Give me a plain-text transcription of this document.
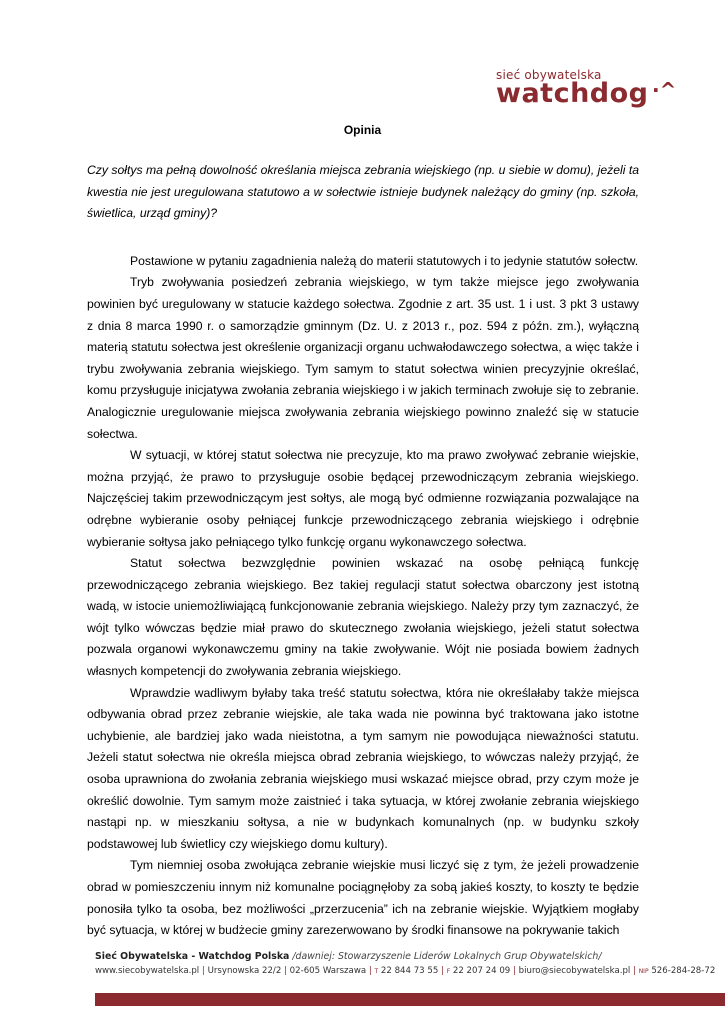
sieć obywatelska
watchdog ·^
Opinia

Czy sołtys ma pełną dowolność określania miejsca zebrania wiejskiego (np. u siebie w domu), jeżeli ta kwestia nie jest uregulowana statutowo a w sołectwie istnieje budynek należący do gminy (np. szkoła, świetlica, urząd gminy)?

Postawione w pytaniu zagadnienia należą do materii statutowych i to jedynie statutów sołectw.

Tryb zwoływania posiedzeń zebrania wiejskiego, w tym także miejsce jego zwoływania powinien być uregulowany w statucie każdego sołectwa. Zgodnie z art. 35 ust. 1 i ust. 3 pkt 3 ustawy z dnia 8 marca 1990 r. o samorządzie gminnym (Dz. U. z 2013 r., poz. 594 z późn. zm.), wyłączną materią statutu sołectwa jest określenie organizacji organu uchwałodawczego sołectwa, a więc także i trybu zwoływania zebrania wiejskiego. Tym samym to statut sołectwa winien precyzyjnie określać, komu przysługuje inicjatywa zwołania zebrania wiejskiego i w jakich terminach zwołuje się to zebranie. Analogicznie uregulowanie miejsca zwoływania zebrania wiejskiego powinno znaleźć się w statucie sołectwa.

W sytuacji, w której statut sołectwa nie precyzuje, kto ma prawo zwoływać zebranie wiejskie, można przyjąć, że prawo to przysługuje osobie będącej przewodniczącym zebrania wiejskiego. Najczęściej takim przewodniczącym jest sołtys, ale mogą być odmienne rozwiązania pozwalające na odrębne wybieranie osoby pełniącej funkcje przewodniczącego zebrania wiejskiego i odrębnie wybieranie sołtysa jako pełniącego tylko funkcję organu wykonawczego sołectwa.

Statut sołectwa bezwzględnie powinien wskazać na osobę pełniącą funkcję przewodniczącego zebrania wiejskiego. Bez takiej regulacji statut sołectwa obarczony jest istotną wadą, w istocie uniemożliwiającą funkcjonowanie zebrania wiejskiego. Należy przy tym zaznaczyć, że wójt tylko wówczas będzie miał prawo do skutecznego zwołania wiejskiego, jeżeli statut sołectwa pozwala organowi wykonawczemu gminy na takie zwoływanie. Wójt nie posiada bowiem żadnych własnych kompetencji do zwoływania zebrania wiejskiego.

Wprawdzie wadliwym byłaby taka treść statutu sołectwa, która nie określałaby także miejsca odbywania obrad przez zebranie wiejskie, ale taka wada nie powinna być traktowana jako istotne uchybienie, ale bardziej jako wada nieistotna, a tym samym nie powodująca nieważności statutu. Jeżeli statut sołectwa nie określa miejsca obrad zebrania wiejskiego, to wówczas należy przyjąć, że osoba uprawniona do zwołania zebrania wiejskiego musi wskazać miejsce obrad, przy czym może je określić dowolnie. Tym samym może zaistnieć i taka sytuacja, w której zwołanie zebrania wiejskiego nastąpi np. w mieszkaniu sołtysa, a nie w budynkach komunalnych (np. w budynku szkoły podstawowej lub świetlicy czy wiejskiego domu kultury).

Tym niemniej osoba zwołująca zebranie wiejskie musi liczyć się z tym, że jeżeli prowadzenie obrad w pomieszczeniu innym niż komunalne pociągnęłoby za sobą jakieś koszty, to koszty te będzie ponosiła tylko ta osoba, bez możliwości „przerzucenia” ich na zebranie wiejskie. Wyjątkiem mogłaby być sytuacja, w której w budżecie gminy zarezerwowano by środki finansowe na pokrywanie takich

Sieć Obywatelska - Watchdog Polska /dawniej: Stowarzyszenie Liderów Lokalnych Grup Obywatelskich/
www.siecobywatelska.pl | Ursynowska 22/2 | 02-605 Warszawa | T 22 844 73 55 | F 22 207 24 09 | biuro@siecobywatelska.pl | NIP 526-284-28-72
